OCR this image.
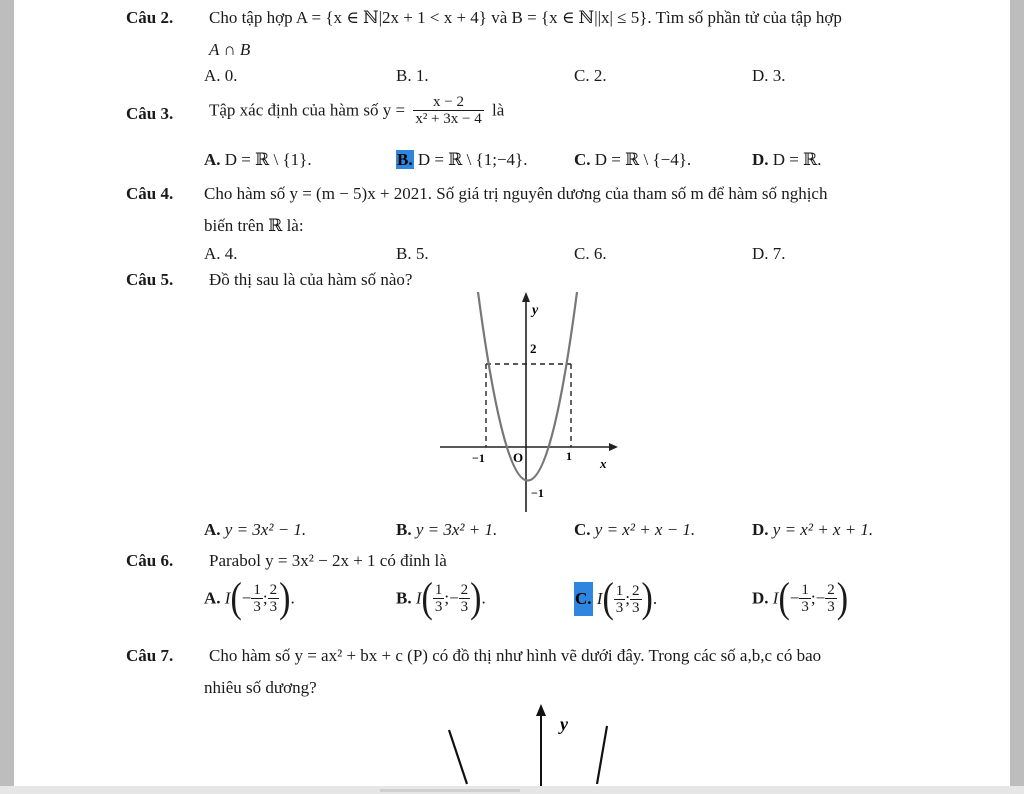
Câu 2. Cho tập hợp A = {x ∈ ℕ|2x + 1 < x + 4} và B = {x ∈ ℕ||x| ≤ 5}. Tìm số phần tử của tập hợp
A ∩ B
A. 0.	B. 1.	C. 2.	D. 3.
Câu 3. Tập xác định của hàm số $y = \frac{x - 2}{\text{x² + 3x − 4}}$ là
A. D = ℝ \ {1}.	B. D = ℝ \ {1;−4}.	C. D = ℝ \ {−4}.	D. D = ℝ.
Câu 4. Cho hàm số y = (m − 5)x + 2021. Số giá trị nguyên dương của tham số m để hàm số nghịch
biến trên ℝ là:
A. 4.	B. 5.	C. 6.	D. 7.
Câu 5. Đồ thị sau là của hàm số nào?
y
2
−1 O	1 x
−1
A. y = 3x² − 1.	B. y = 3x² + 1.	C. y = x² + x − 1.	D. y = x² + x + 1.
Câu 6. Parabol y = 3x² − 2x + 1 có đỉnh là
A. $I(- \frac{1}{3}$ ; $\frac{2}{3}$ ).	B. $I( \frac{1}{3}$ ;− $\frac{2}{3}$ ).	C. $I( \frac{1}{3}$ ; $\frac{2}{3}$ ).	D. $I(- \frac{1}{3}$ ;− $\frac{2}{3}$ )
Câu 7. Cho hàm số y = ax² + bx + c (P) có đồ thị như hình vẽ dưới đây. Trong các số a,b,c có bao
nhiêu số dương?
y
